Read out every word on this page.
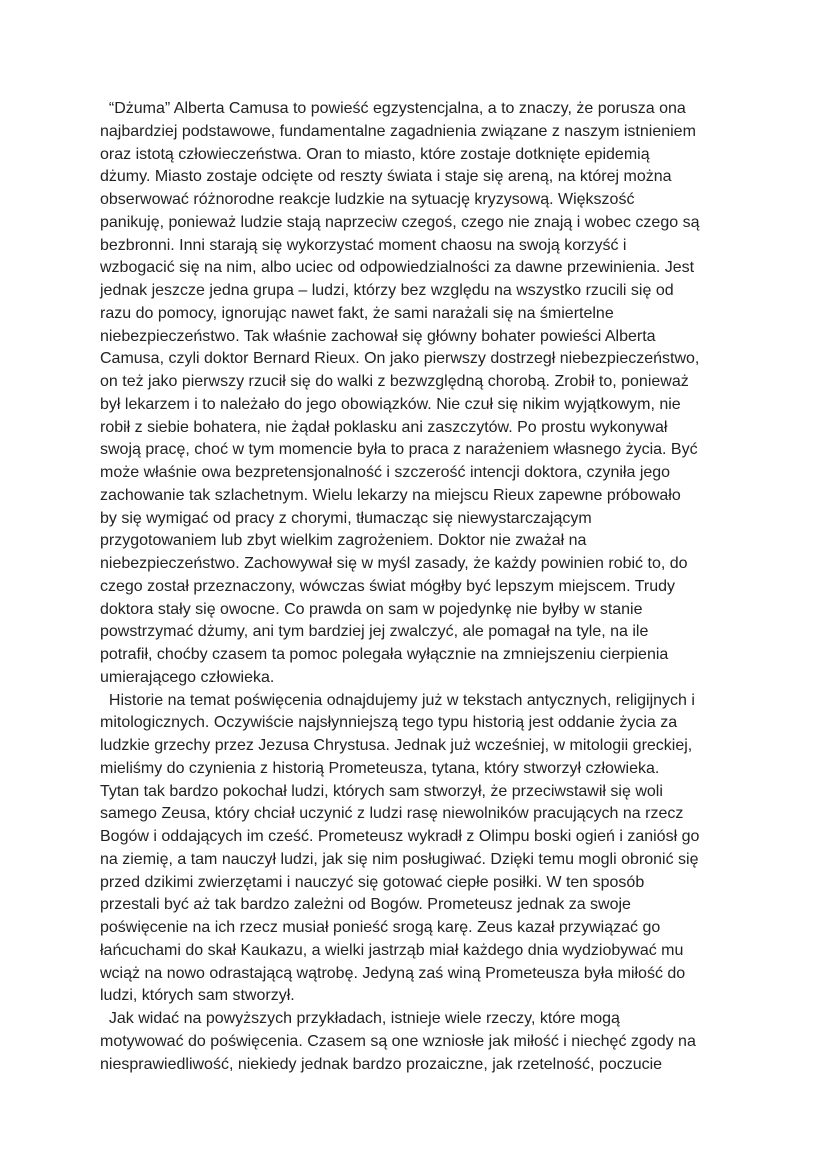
“Dżuma” Alberta Camusa to powieść egzystencjalna, a to znaczy, że porusza ona
najbardziej podstawowe, fundamentalne zagadnienia związane z naszym istnieniem
oraz istotą człowieczeństwa. Oran to miasto, które zostaje dotknięte epidemią
dżumy. Miasto zostaje odcięte od reszty świata i staje się areną, na której można
obserwować różnorodne reakcje ludzkie na sytuację kryzysową. Większość
panikuję, ponieważ ludzie stają naprzeciw czegoś, czego nie znają i wobec czego są
bezbronni. Inni starają się wykorzystać moment chaosu na swoją korzyść i
wzbogacić się na nim, albo uciec od odpowiedzialności za dawne przewinienia. Jest
jednak jeszcze jedna grupa – ludzi, którzy bez względu na wszystko rzucili się od
razu do pomocy, ignorując nawet fakt, że sami narażali się na śmiertelne
niebezpieczeństwo. Tak właśnie zachował się główny bohater powieści Alberta
Camusa, czyli doktor Bernard Rieux. On jako pierwszy dostrzegł niebezpieczeństwo,
on też jako pierwszy rzucił się do walki z bezwzględną chorobą. Zrobił to, ponieważ
był lekarzem i to należało do jego obowiązków. Nie czuł się nikim wyjątkowym, nie
robił z siebie bohatera, nie żądał poklasku ani zaszczytów. Po prostu wykonywał
swoją pracę, choć w tym momencie była to praca z narażeniem własnego życia. Być
może właśnie owa bezpretensjonalność i szczerość intencji doktora, czyniła jego
zachowanie tak szlachetnym. Wielu lekarzy na miejscu Rieux zapewne próbowało
by się wymigać od pracy z chorymi, tłumacząc się niewystarczającym
przygotowaniem lub zbyt wielkim zagrożeniem. Doktor nie zważał na
niebezpieczeństwo. Zachowywał się w myśl zasady, że każdy powinien robić to, do
czego został przeznaczony, wówczas świat mógłby być lepszym miejscem. Trudy
doktora stały się owocne. Co prawda on sam w pojedynkę nie byłby w stanie
powstrzymać dżumy, ani tym bardziej jej zwalczyć, ale pomagał na tyle, na ile
potrafił, choćby czasem ta pomoc polegała wyłącznie na zmniejszeniu cierpienia
umierającego człowieka.
Historie na temat poświęcenia odnajdujemy już w tekstach antycznych, religijnych i
mitologicznych. Oczywiście najsłynniejszą tego typu historią jest oddanie życia za
ludzkie grzechy przez Jezusa Chrystusa. Jednak już wcześniej, w mitologii greckiej,
mieliśmy do czynienia z historią Prometeusza, tytana, który stworzył człowieka.
Tytan tak bardzo pokochał ludzi, których sam stworzył, że przeciwstawił się woli
samego Zeusa, który chciał uczynić z ludzi rasę niewolników pracujących na rzecz
Bogów i oddających im cześć. Prometeusz wykradł z Olimpu boski ogień i zaniósł go
na ziemię, a tam nauczył ludzi, jak się nim posługiwać. Dzięki temu mogli obronić się
przed dzikimi zwierzętami i nauczyć się gotować ciepłe posiłki. W ten sposób
przestali być aż tak bardzo zależni od Bogów. Prometeusz jednak za swoje
poświęcenie na ich rzecz musiał ponieść srogą karę. Zeus kazał przywiązać go
łańcuchami do skał Kaukazu, a wielki jastrząb miał każdego dnia wydziobywać mu
wciąż na nowo odrastającą wątrobę. Jedyną zaś winą Prometeusza była miłość do
ludzi, których sam stworzył.
Jak widać na powyższych przykładach, istnieje wiele rzeczy, które mogą
motywować do poświęcenia. Czasem są one wzniosłe jak miłość i niechęć zgody na
niesprawiedliwość, niekiedy jednak bardzo prozaiczne, jak rzetelność, poczucie
